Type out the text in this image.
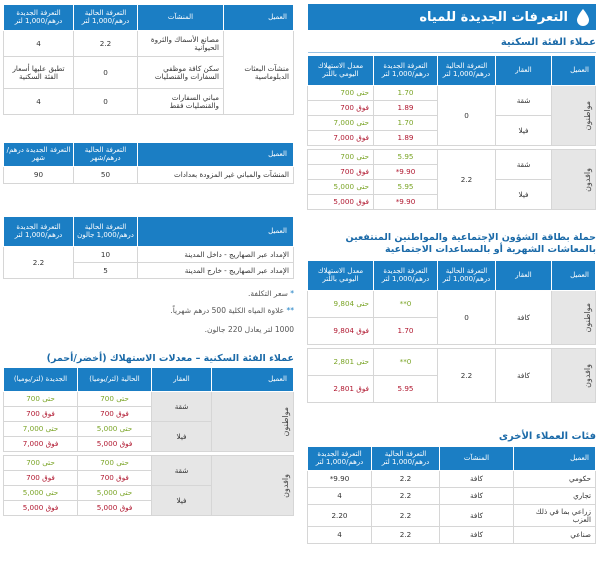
التعرفات الجديدة للمياه
عملاء الفئة السكنية
العميل	العقار	التعرفة الحالية درهم/1,000 لتر	التعرفة الجديدة درهم/1,000 لتر	معدل الاستهلاك اليومي باللتر

مواطنون	شقة	0	1.70	حتى 700
			1.89	فوق 700
	فيلا		1.70	حتى 7,000
			1.89	فوق 7,000

وافدون	شقة	2.2	5.95	حتى 700
			9.90*	فوق 700
	فيلا		5.95	حتى 5,000
			9.90*	فوق 5,000
حملة بطاقة الشؤون الإجتماعية والمواطنين المنتفعين بالمعاشات الشهرية أو بالمساعدات الاجتماعية
العميل	العقار	التعرفة الحالية درهم/1,000 لتر	التعرفة الجديدة درهم/1,000 لتر	معدل الاستهلاك اليومي باللتر

مواطنون	كافة	0	0**	حتى 9,804
			1.70	فوق 9,804

وافدون	كافة	2.2	0**	حتى 2,801
			5.95	فوق 2,801
فئات العملاء الأخرى
العميل	المنشآت	التعرفة الحالية درهم/1,000 لتر	التعرفة الجديدة درهم/1,000 لتر
حكومي	كافة	2.2	9.90*
تجاري	كافة	2.2	4
زراعي بما في ذلك العزب	كافة	2.2	2.20
صناعي	كافة	2.2	4
العميل	المنشآت	التعرفة الحالية درهم/1,000 لتر	التعرفة الجديدة درهم/1,000 لتر
منشآت البعثات الدبلوماسية	مصانع الأسماك والثروة الحيوانية	2.2	4
	سكن كافة موظفي السفارات والقنصليات	0	تطبق عليها أسعار الفئة السكنية
	مباني السفارات والقنصليات فقط	0	4
العميل	التعرفة الحالية درهم/شهر	التعرفة الجديدة درهم/شهر
المنشآت والمباني غير المزودة بعدادات	50	90
العميل	التعرفة الحالية درهم/1,000 جالون	التعرفة الجديدة درهم/1,000 لتر
الإمداد عبر الصهاريج - داخل المدينة	10	2.2
الإمداد عبر الصهاريج - خارج المدينة	5	
* سعر التكلفة.
** علاوة المياه الكلية 500 درهم شهرياً.
1000 لتر يعادل 220 جالون.
عملاء الفئة السكنية – معدلات الاستهلاك (أخضر/أحمر)
العميل	العقار	الحالية (لتر/يوميا)	الجديدة (لتر/يوميا)

مواطنون	شقة	حتى 700	حتى 700
		فوق 700	فوق 700
	فيلا	حتى 5,000	حتى 7,000
		فوق 5,000	فوق 7,000

وافدون	شقة	حتى 700	حتى 700
		فوق 700	فوق 700
	فيلا	حتى 5,000	حتى 5,000
		فوق 5,000	فوق 5,000
